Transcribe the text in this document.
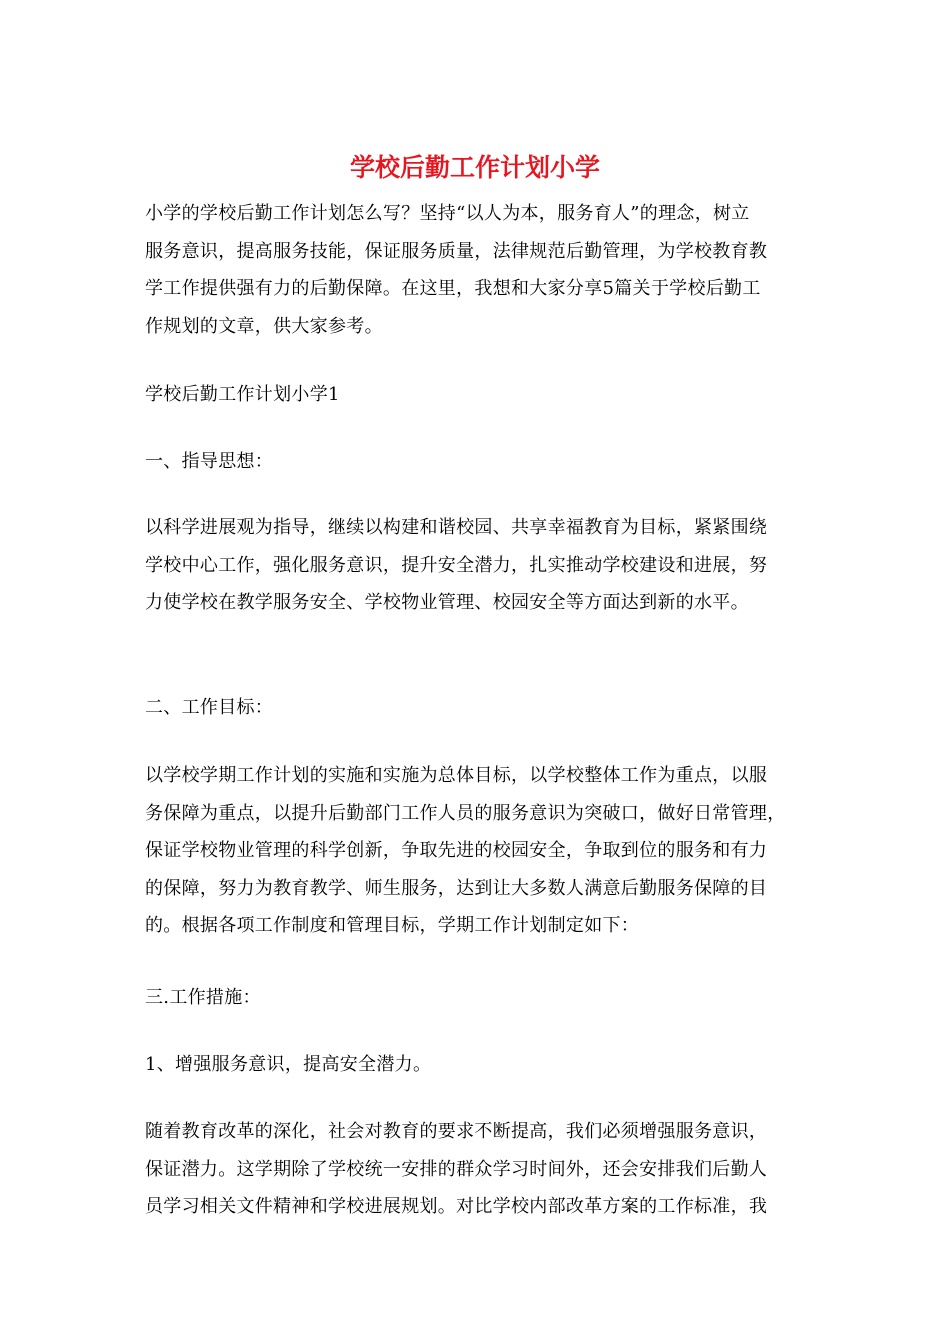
学校后勤工作计划小学
小学的学校后勤工作计划怎么写？坚持“以人为本，服务育人”的理念，树立
服务意识，提高服务技能，保证服务质量，法律规范后勤管理，为学校教育教
学工作提供强有力的后勤保障。在这里，我想和大家分享5篇关于学校后勤工
作规划的文章，供大家参考。

学校后勤工作计划小学1

一、指导思想：

以科学进展观为指导，继续以构建和谐校园、共享幸福教育为目标，紧紧围绕
学校中心工作，强化服务意识，提升安全潜力，扎实推动学校建设和进展，努
力使学校在教学服务安全、学校物业管理、校园安全等方面达到新的水平。

二、工作目标：

以学校学期工作计划的实施和实施为总体目标，以学校整体工作为重点，以服
务保障为重点，以提升后勤部门工作人员的服务意识为突破口，做好日常管理，
保证学校物业管理的科学创新，争取先进的校园安全，争取到位的服务和有力
的保障，努力为教育教学、师生服务，达到让大多数人满意后勤服务保障的目
的。根据各项工作制度和管理目标，学期工作计划制定如下：

三.工作措施：

1、增强服务意识，提高安全潜力。

随着教育改革的深化，社会对教育的要求不断提高，我们必须增强服务意识，
保证潜力。这学期除了学校统一安排的群众学习时间外，还会安排我们后勤人
员学习相关文件精神和学校进展规划。对比学校内部改革方案的工作标准，我
